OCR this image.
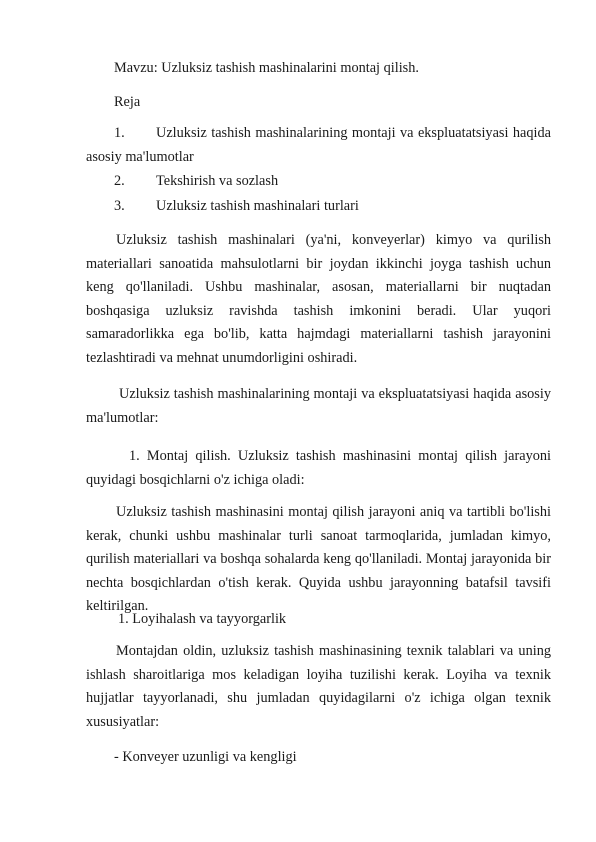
Mavzu: Uzluksiz tashish mashinalarini montaj qilish.
Reja
1. Uzluksiz tashish mashinalarining montaji va ekspluatatsiyasi haqida
asosiy ma'lumotlar
2. Tekshirish va sozlash
3. Uzluksiz tashish mashinalari turlari
Uzluksiz tashish mashinalari (ya'ni, konveyerlar) kimyo va qurilish materiallari sanoatida mahsulotlarni bir joydan ikkinchi joyga tashish uchun keng qo'llaniladi. Ushbu mashinalar, asosan, materiallarni bir nuqtadan boshqasiga uzluksiz ravishda tashish imkonini beradi. Ular yuqori samaradorlikka ega bo'lib, katta hajmdagi materiallarni tashish jarayonini tezlashtiradi va mehnat unumdorligini oshiradi.
Uzluksiz tashish mashinalarining montaji va ekspluatatsiyasi haqida asosiy ma'lumotlar:
1. Montaj qilish. Uzluksiz tashish mashinasini montaj qilish jarayoni quyidagi bosqichlarni o'z ichiga oladi:
Uzluksiz tashish mashinasini montaj qilish jarayoni aniq va tartibli bo'lishi kerak, chunki ushbu mashinalar turli sanoat tarmoqlarida, jumladan kimyo, qurilish materiallari va boshqa sohalarda keng qo'llaniladi. Montaj jarayonida bir nechta bosqichlardan o'tish kerak. Quyida ushbu jarayonning batafsil tavsifi keltirilgan.
1. Loyihalash va tayyorgarlik
Montajdan oldin, uzluksiz tashish mashinasining texnik talablari va uning ishlash sharoitlariga mos keladigan loyiha tuzilishi kerak. Loyiha va texnik hujjatlar tayyorlanadi, shu jumladan quyidagilarni o'z ichiga olgan texnik xususiyatlar:
- Konveyer uzunligi va kengligi
